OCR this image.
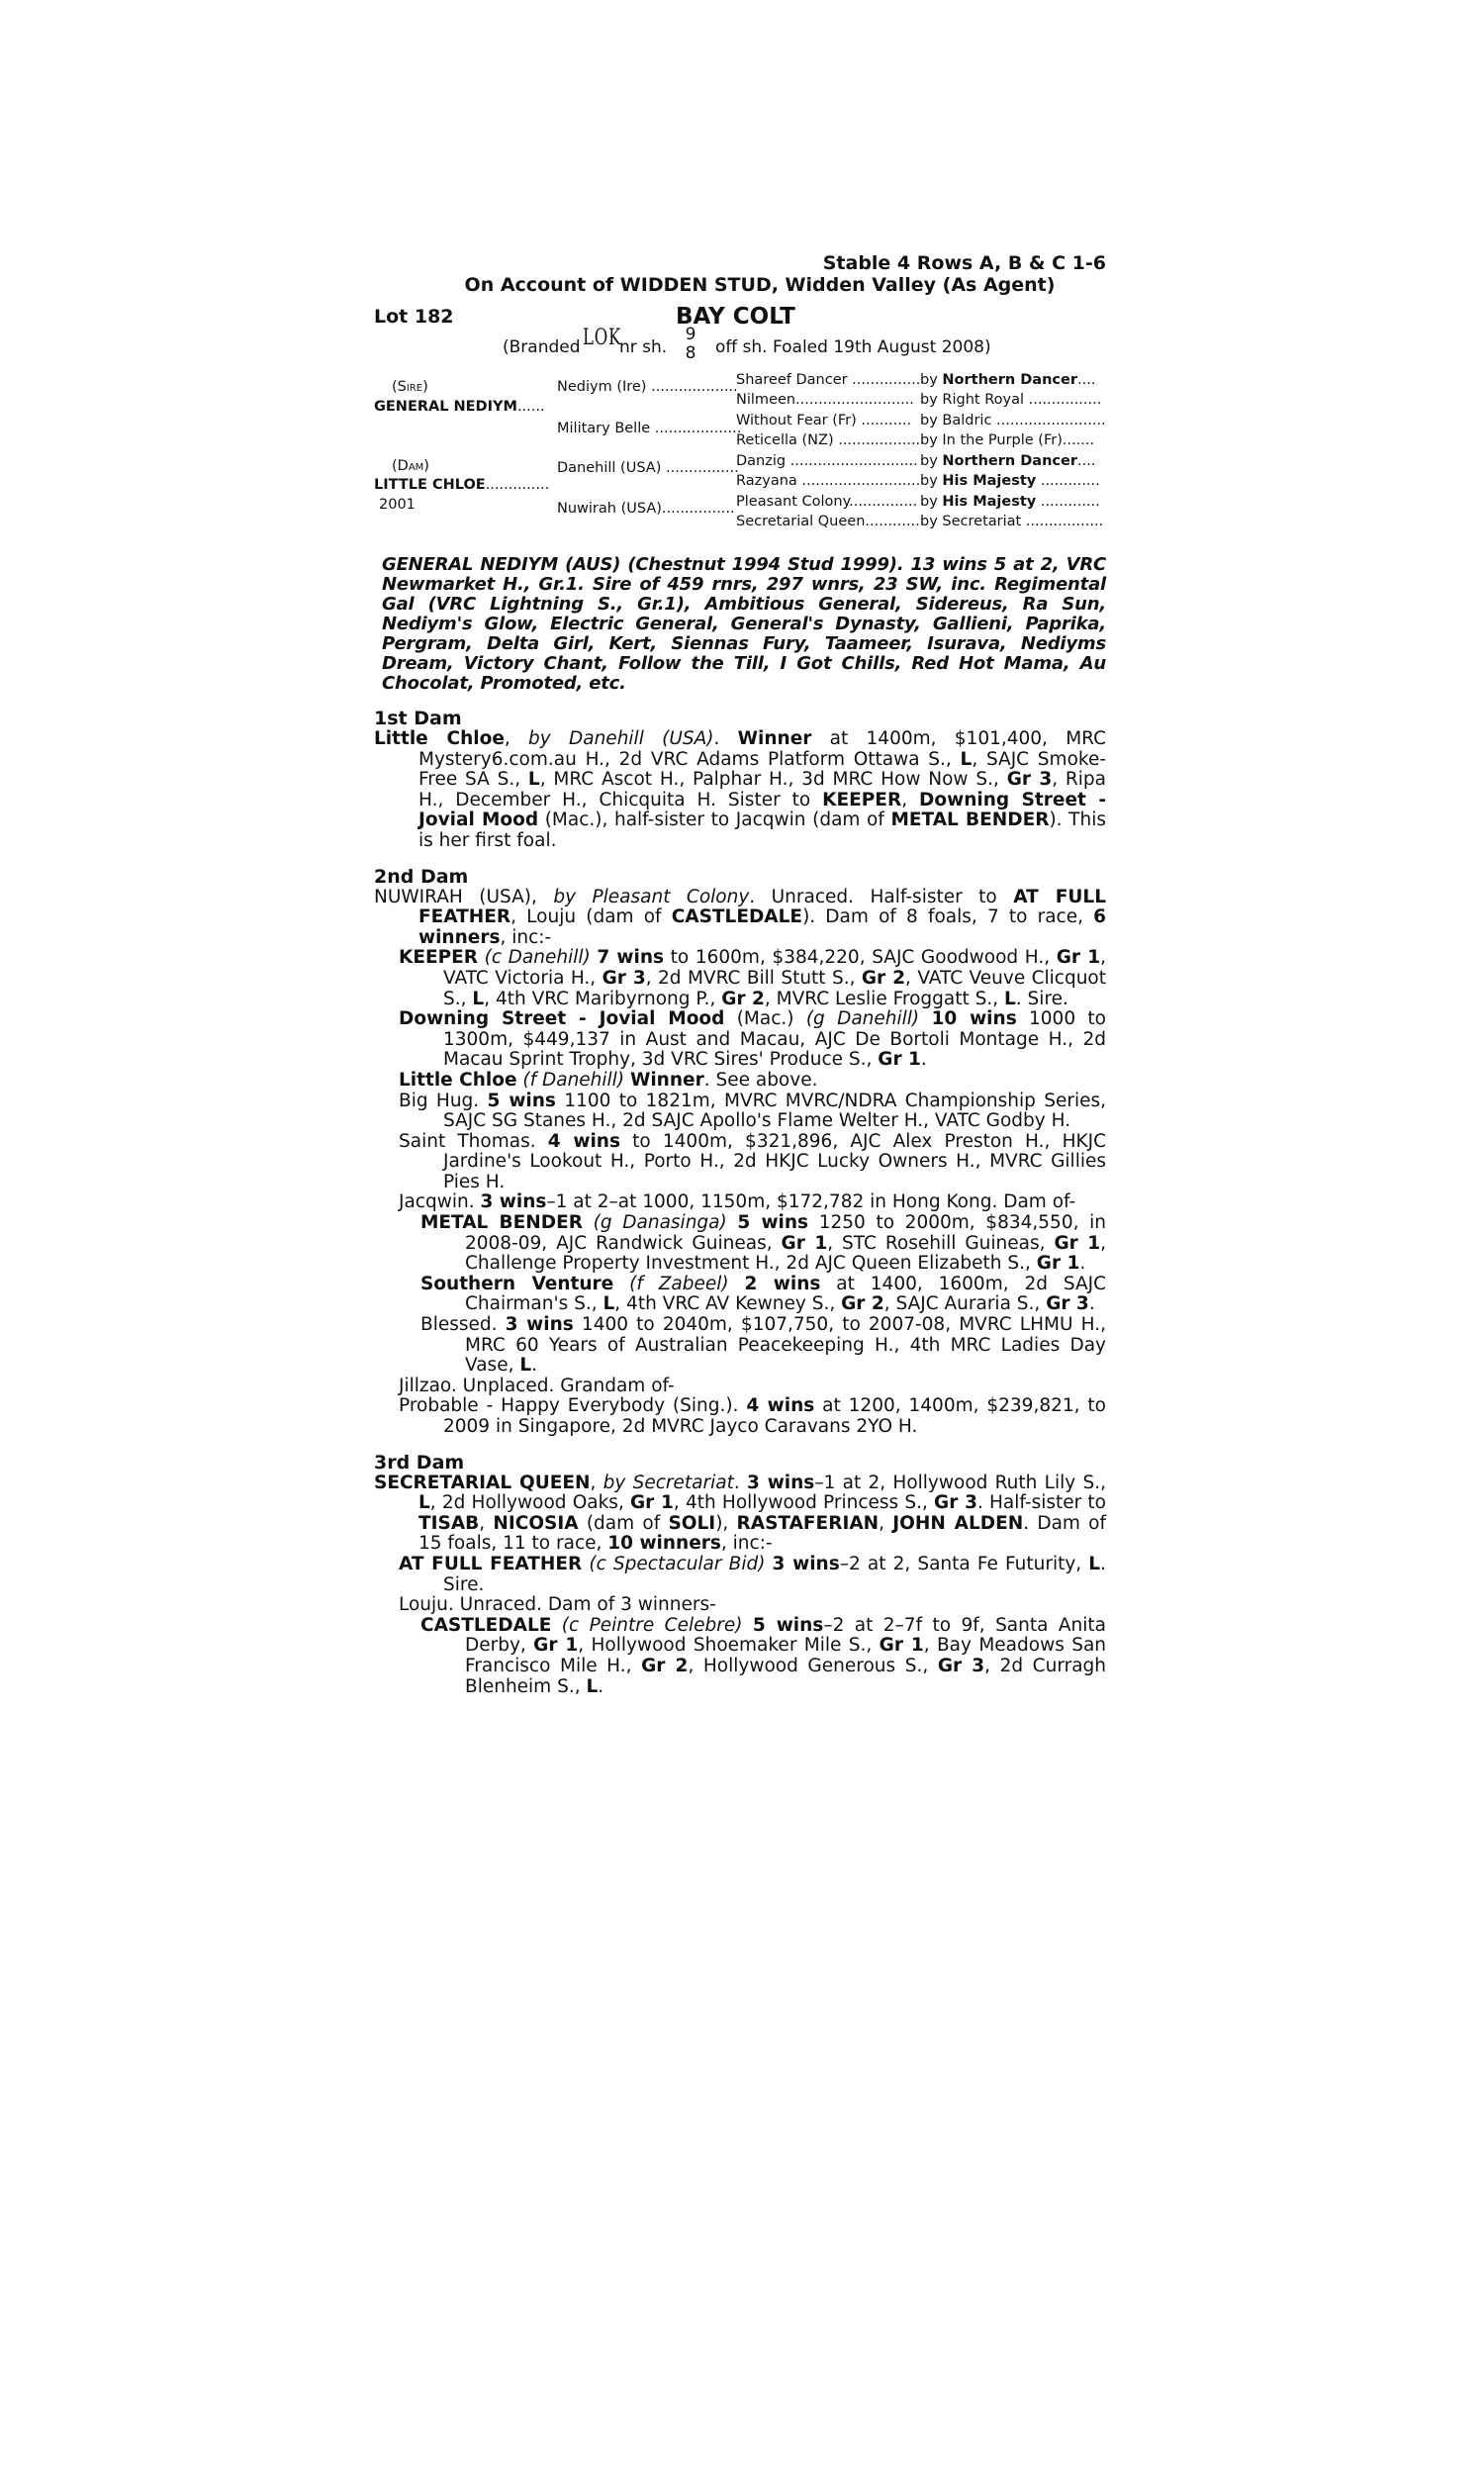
Stable 4 Rows A, B & C 1-6
On Account of WIDDEN STUD, Widden Valley (As Agent)
Lot 182	BAY COLT
(Branded LOK
nr sh.
9
8 off sh. Foaled 19th August 2008)
(Sire)
GENERAL NEDIYM......
(Dam)
LITTLE CHLOE..............
2001
Nediym (Ire) ...................
Military Belle ...................
Danehill (USA) ................
Nuwirah (USA)................
Shareef Dancer ...............
Nilmeen..........................
Without Fear (Fr) ...........
Reticella (NZ) ..................
Danzig ............................
Razyana ..........................
Pleasant Colony...............
Secretarial Queen............
by Northern Dancer....
by Right Royal ................
by Baldric ........................
by In the Purple (Fr).......
by Northern Dancer....
by His Majesty .............
by His Majesty .............
by Secretariat .................
GENERAL NEDIYM (AUS) (Chestnut 1994 Stud 1999). 13 wins 5 at 2, VRC Newmarket H., Gr.1. Sire of 459 rnrs, 297 wnrs, 23 SW, inc. Regimental Gal (VRC Lightning S., Gr.1), Ambitious General, Sidereus, Ra Sun, Nediym's Glow, Electric General, General's Dynasty, Gallieni, Paprika, Pergram, Delta Girl, Kert, Siennas Fury, Taameer, Isurava, Nediyms Dream, Victory Chant, Follow the Till, I Got Chills, Red Hot Mama, Au Chocolat, Promoted, etc.
1st Dam
Little Chloe, by Danehill (USA). Winner at 1400m, $101,400, MRC Mystery6.com.au H., 2d VRC Adams Platform Ottawa S., L, SAJC Smoke-Free SA S., L, MRC Ascot H., Palphar H., 3d MRC How Now S., Gr 3, Ripa H., December H., Chicquita H. Sister to KEEPER, Downing Street - Jovial Mood (Mac.), half-sister to Jacqwin (dam of METAL BENDER). This is her first foal.
2nd Dam
NUWIRAH (USA), by Pleasant Colony. Unraced. Half-sister to AT FULL FEATHER, Louju (dam of CASTLEDALE). Dam of 8 foals, 7 to race, 6 winners, inc:-
KEEPER (c Danehill) 7 wins to 1600m, $384,220, SAJC Goodwood H., Gr 1, VATC Victoria H., Gr 3, 2d MVRC Bill Stutt S., Gr 2, VATC Veuve Clicquot S., L, 4th VRC Maribyrnong P., Gr 2, MVRC Leslie Froggatt S., L. Sire.
Downing Street - Jovial Mood (Mac.) (g Danehill) 10 wins 1000 to 1300m, $449,137 in Aust and Macau, AJC De Bortoli Montage H., 2d Macau Sprint Trophy, 3d VRC Sires' Produce S., Gr 1.
Little Chloe (f Danehill) Winner. See above.
Big Hug. 5 wins 1100 to 1821m, MVRC MVRC/NDRA Championship Series, SAJC SG Stanes H., 2d SAJC Apollo's Flame Welter H., VATC Godby H.
Saint Thomas. 4 wins to 1400m, $321,896, AJC Alex Preston H., HKJC Jardine's Lookout H., Porto H., 2d HKJC Lucky Owners H., MVRC Gillies Pies H.
Jacqwin. 3 wins–1 at 2–at 1000, 1150m, $172,782 in Hong Kong. Dam of-
METAL BENDER (g Danasinga) 5 wins 1250 to 2000m, $834,550, in 2008-09, AJC Randwick Guineas, Gr 1, STC Rosehill Guineas, Gr 1, Challenge Property Investment H., 2d AJC Queen Elizabeth S., Gr 1.
Southern Venture (f Zabeel) 2 wins at 1400, 1600m, 2d SAJC Chairman's S., L, 4th VRC AV Kewney S., Gr 2, SAJC Auraria S., Gr 3.
Blessed. 3 wins 1400 to 2040m, $107,750, to 2007-08, MVRC LHMU H., MRC 60 Years of Australian Peacekeeping H., 4th MRC Ladies Day Vase, L.
Jillzao. Unplaced. Grandam of-
Probable - Happy Everybody (Sing.). 4 wins at 1200, 1400m, $239,821, to 2009 in Singapore, 2d MVRC Jayco Caravans 2YO H.
3rd Dam
SECRETARIAL QUEEN, by Secretariat. 3 wins–1 at 2, Hollywood Ruth Lily S., L, 2d Hollywood Oaks, Gr 1, 4th Hollywood Princess S., Gr 3. Half-sister to TISAB, NICOSIA (dam of SOLI), RASTAFERIAN, JOHN ALDEN. Dam of 15 foals, 11 to race, 10 winners, inc:-
AT FULL FEATHER (c Spectacular Bid) 3 wins–2 at 2, Santa Fe Futurity, L. Sire.
Louju. Unraced. Dam of 3 winners-
CASTLEDALE (c Peintre Celebre) 5 wins–2 at 2–7f to 9f, Santa Anita Derby, Gr 1, Hollywood Shoemaker Mile S., Gr 1, Bay Meadows San Francisco Mile H., Gr 2, Hollywood Generous S., Gr 3, 2d Curragh Blenheim S., L.
